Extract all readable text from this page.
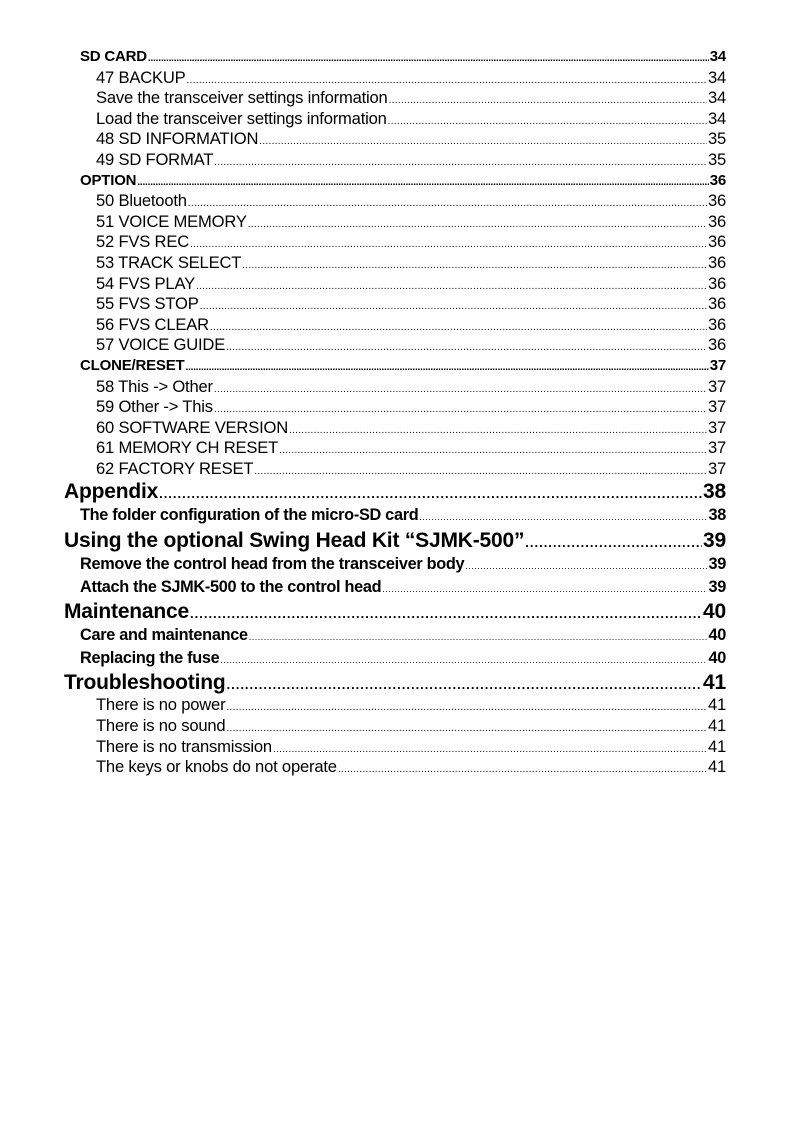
SD CARD .....	34
47 BACKUP .....	34
Save the transceiver settings information .....	34
Load the transceiver settings information .....	34
48 SD INFORMATION .....	35
49 SD FORMAT .....	35
OPTION .....	36
50 Bluetooth .....	36
51 VOICE MEMORY .....	36
52 FVS REC .....	36
53 TRACK SELECT .....	36
54 FVS PLAY .....	36
55 FVS STOP .....	36
56 FVS CLEAR .....	36
57 VOICE GUIDE .....	36
CLONE/RESET .....	37
58 This -> Other .....	37
59 Other -> This .....	37
60 SOFTWARE VERSION .....	37
61 MEMORY CH RESET .....	37
62 FACTORY RESET .....	37
Appendix .....	38
The folder configuration of the micro-SD card .....	38
Using the optional Swing Head Kit “SJMK-500” .....	39
Remove the control head from the transceiver body .....	39
Attach the SJMK-500 to the control head .....	39
Maintenance .....	40
Care and maintenance .....	40
Replacing the fuse .....	40
Troubleshooting .....	41
There is no power .....	41
There is no sound .....	41
There is no transmission .....	41
The keys or knobs do not operate .....	41
